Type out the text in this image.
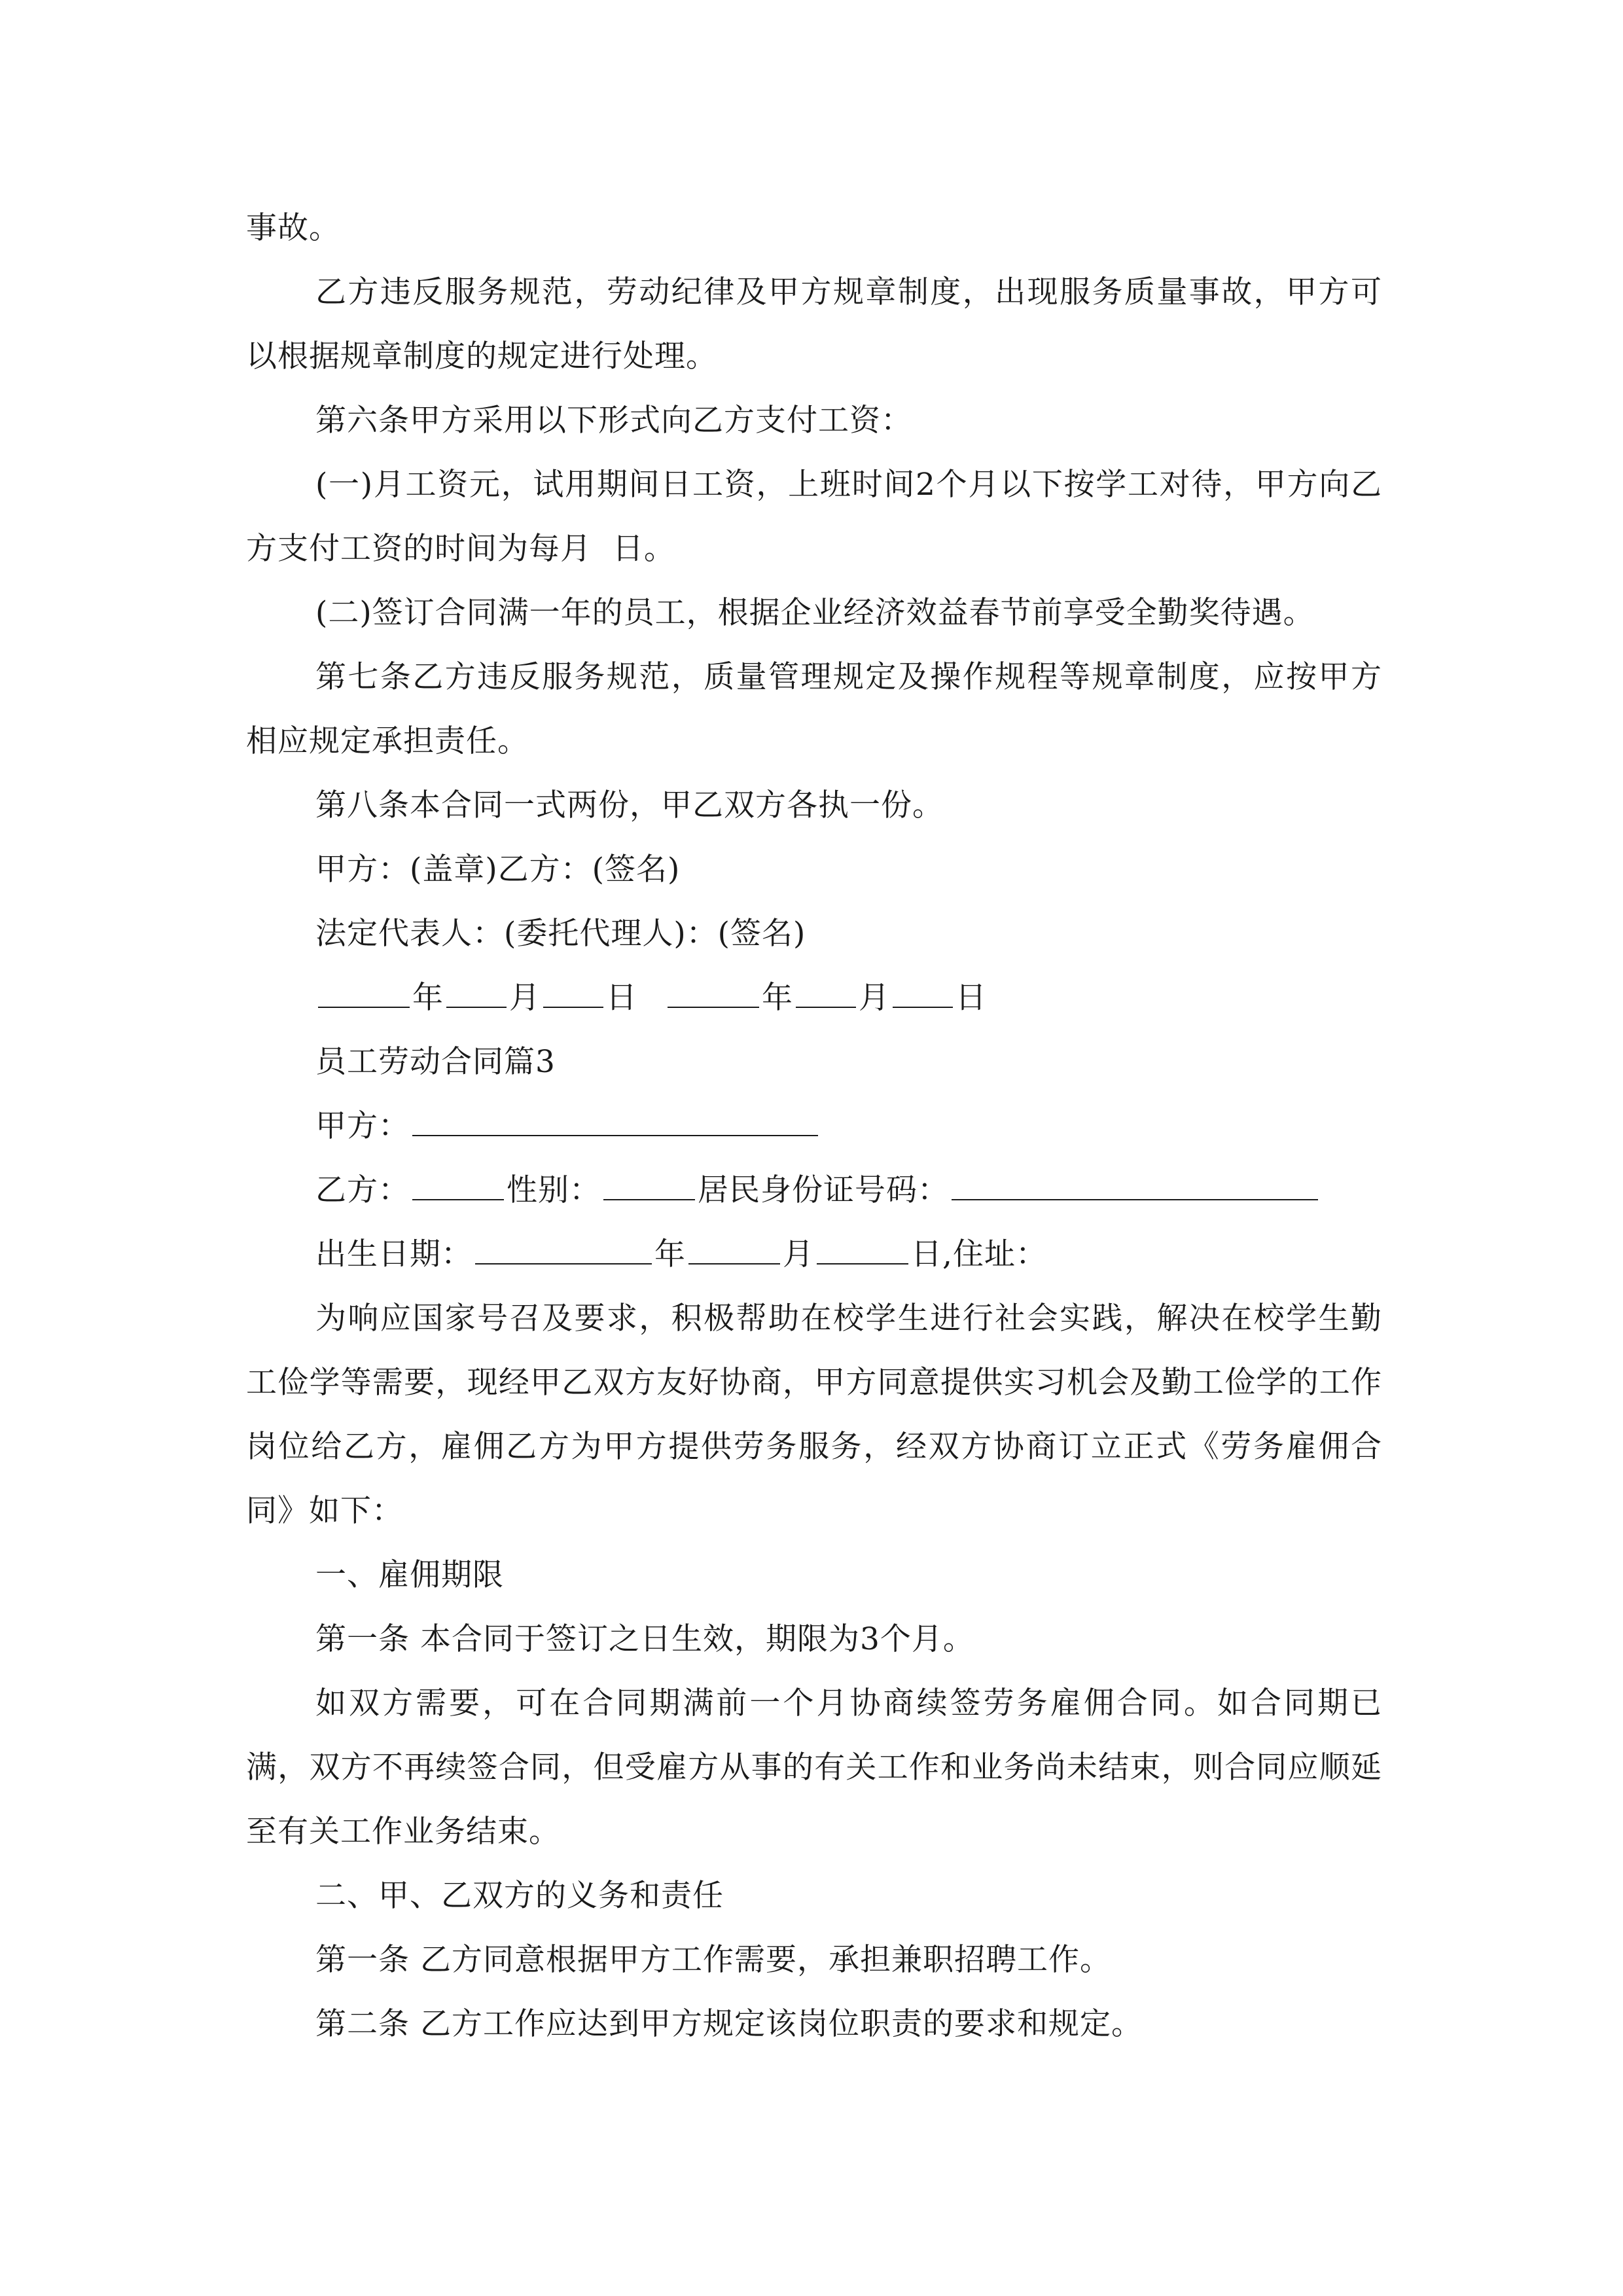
事故。

乙方违反服务规范，劳动纪律及甲方规章制度，出现服务质量事故，甲方可以根据规章制度的规定进行处理。

第六条甲方采用以下形式向乙方支付工资：

(一)月工资元，试用期间日工资，上班时间2个月以下按学工对待，甲方向乙方支付工资的时间为每月  日。

(二)签订合同满一年的员工，根据企业经济效益春节前享受全勤奖待遇。

第七条乙方违反服务规范，质量管理规定及操作规程等规章制度，应按甲方相应规定承担责任。

第八条本合同一式两份，甲乙双方各执一份。

甲方：(盖章)乙方：(签名)

法定代表人：(委托代理人)：(签名)

年 月 日	年 月 日

员工劳动合同篇3

甲方：
乙方：	性别：	居民身份证号码：
出生日期：	年	月	日,住址：

为响应国家号召及要求，积极帮助在校学生进行社会实践，解决在校学生勤工俭学等需要，现经甲乙双方友好协商，甲方同意提供实习机会及勤工俭学的工作岗位给乙方，雇佣乙方为甲方提供劳务服务，经双方协商订立正式《劳务雇佣合同》如下：

一、雇佣期限

第一条 本合同于签订之日生效，期限为3个月。

如双方需要，可在合同期满前一个月协商续签劳务雇佣合同。如合同期已满，双方不再续签合同，但受雇方从事的有关工作和业务尚未结束，则合同应顺延至有关工作业务结束。

二、甲、乙双方的义务和责任

第一条 乙方同意根据甲方工作需要，承担兼职招聘工作。

第二条 乙方工作应达到甲方规定该岗位职责的要求和规定。
